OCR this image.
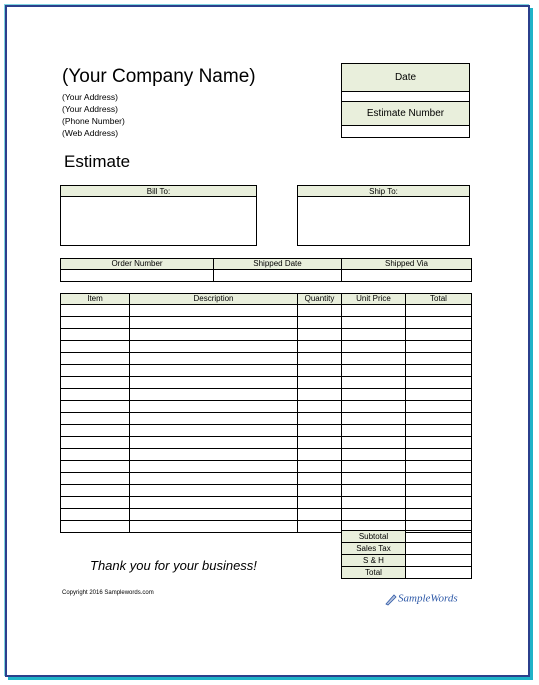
(Your Company Name)
(Your Address)
(Your Address)
(Phone Number)
(Web Address)
Date
Estimate Number
Estimate
Bill To:	Ship To:
Order Number	Shipped Date	Shipped Via

Item	Description	Quantity	Unit Price	Total

Subtotal	
Sales Tax	
S & H	
Total	
Thank you for your business!
Copyright 2016 Samplewords.com	SampleWords
